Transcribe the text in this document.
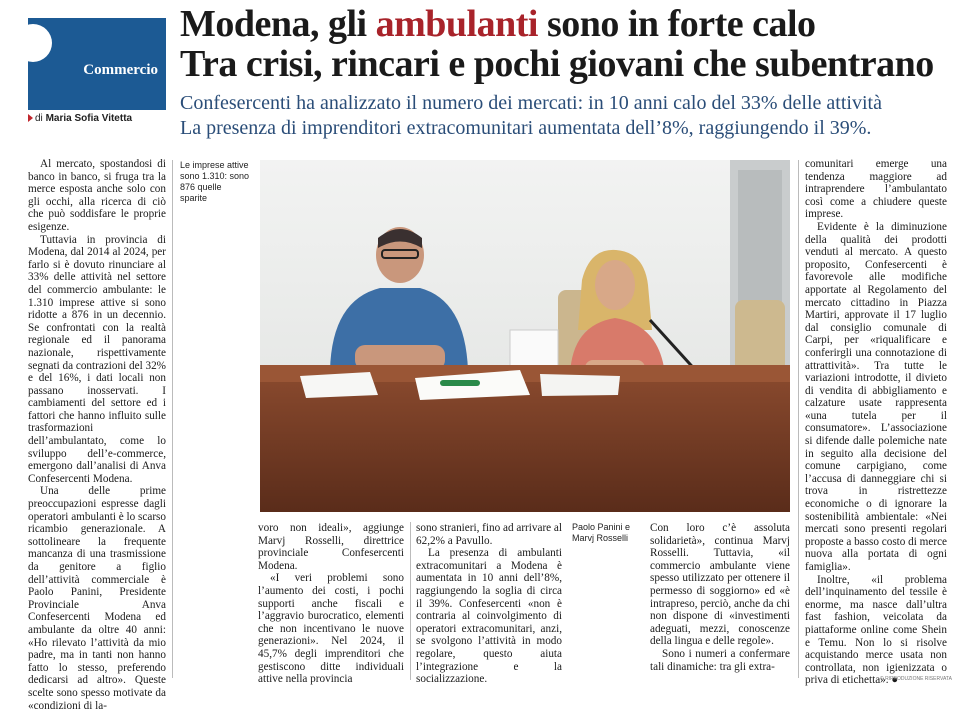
Commercio
di Maria Sofia Vitetta
Modena, gli ambulanti sono in forte calo
Tra crisi, rincari e pochi giovani che subentrano
Confesercenti ha analizzato il numero dei mercati: in 10 anni calo del 33% delle attività
La presenza di imprenditori extracomunitari aumentata dell’8%, raggiungendo il 39%.

Al mercato, spostandosi di banco in banco, si fruga tra la merce esposta anche solo con gli occhi, alla ricerca di ciò che può soddisfare le proprie esigenze.

Tuttavia in provincia di Modena, dal 2014 al 2024, per farlo si è dovuto rinunciare al 33% delle attività nel settore del commercio ambulante: le 1.310 imprese attive si sono ridotte a 876 in un decennio. Se confrontati con la realtà regionale ed il panorama nazionale, rispettivamente segnati da contrazioni del 32% e del 16%, i dati locali non passano inosservati. I cambiamenti del settore ed i fattori che hanno influito sulle trasformazioni dell’ambulantato, come lo sviluppo dell’e-commerce, emergono dall’analisi di Anva Confesercenti Modena.

Una delle prime preoccupazioni espresse dagli operatori ambulanti è lo scarso ricambio generazionale. A sottolineare la frequente mancanza di una trasmissione da genitore a figlio dell’attività commerciale è Paolo Panini, Presidente Provinciale Anva Confesercenti Modena ed ambulante da oltre 40 anni: «Ho rilevato l’attività da mio padre, ma in tanti non hanno fatto lo stesso, preferendo dedicarsi ad altro». Queste scelte sono spesso motivate da «condizioni di la-

Le imprese attive sono 1.310: sono 876 quelle sparite

voro non ideali», aggiunge Marvj Rosselli, direttrice provinciale Confesercenti Modena.

«I veri problemi sono l’aumento dei costi, i pochi supporti anche fiscali e l’aggravio burocratico, elementi che non incentivano le nuove generazioni». Nel 2024, il 45,7% degli imprenditori che gestiscono ditte individuali attive nella provincia

sono stranieri, fino ad arrivare al 62,2% a Pavullo.

La presenza di ambulanti extracomunitari a Modena è aumentata in 10 anni dell’8%, raggiungendo la soglia di circa il 39%. Confesercenti «non è contraria al coinvolgimento di operatori extracomunitari, anzi, se svolgono l’attività in modo regolare, questo aiuta l’integrazione e la socializzazione.

Paolo Panini e Marvj Rosselli

Con loro c’è assoluta solidarietà», continua Marvj Rosselli. Tuttavia, «il commercio ambulante viene spesso utilizzato per ottenere il permesso di soggiorno» ed «è intrapreso, perciò, anche da chi non dispone di «investimenti adeguati, mezzi, conoscenze della lingua e delle regole».

Sono i numeri a confermare tali dinamiche: tra gli extra-

comunitari emerge una tendenza maggiore ad intraprendere l’ambulantato così come a chiudere queste imprese.

Evidente è la diminuzione della qualità dei prodotti venduti al mercato. A questo proposito, Confesercenti è favorevole alle modifiche apportate al Regolamento del mercato cittadino in Piazza Martiri, approvate il 17 luglio dal consiglio comunale di Carpi, per «riqualificare e conferirgli una connotazione di attrattività». Tra tutte le variazioni introdotte, il divieto di vendita di abbigliamento e calzature usate rappresenta «una tutela per il consumatore». L’associazione si difende dalle polemiche nate in seguito alla decisione del comune carpigiano, come l’accusa di danneggiare chi si trova in ristrettezze economiche o di ignorare la sostenibilità ambientale: «Nei mercati sono presenti regolari proposte a basso costo di merce nuova alla portata di ogni famiglia».

Inoltre, «il problema dell’inquinamento del tessile è enorme, ma nasce dall’ultra fast fashion, veicolata da piattaforme online come Shein e Temu. Non lo si risolve acquistando merce usata non controllata, non igienizzata o priva di etichetta». ●

© RIPRODUZIONE RISERVATA
